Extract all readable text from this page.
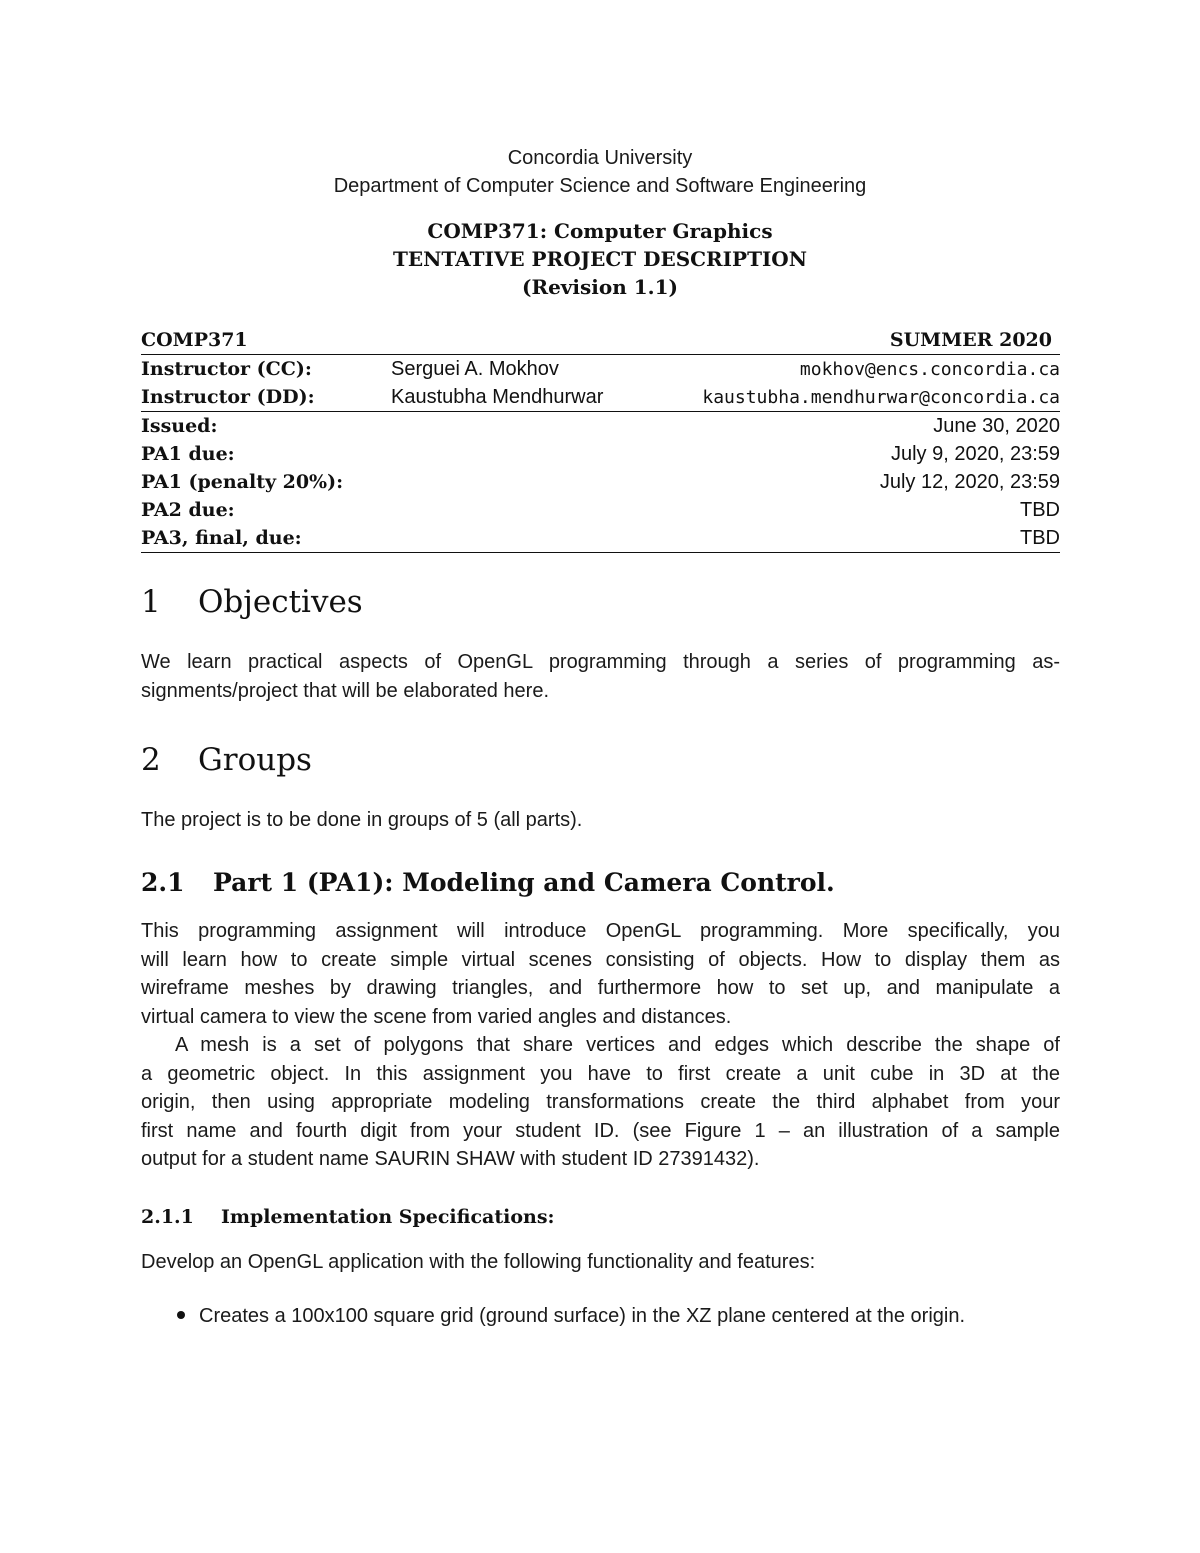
Concordia University
Department of Computer Science and Software Engineering
COMP371: Computer Graphics
TENTATIVE PROJECT DESCRIPTION
(Revision 1.1)
COMP371		SUMMER 2020
Instructor (CC):	Serguei A. Mokhov	mokhov@encs.concordia.ca
Instructor (DD):	Kaustubha Mendhurwar	kaustubha.mendhurwar@concordia.ca
Issued:		June 30, 2020
PA1 due:		July 9, 2020, 23:59
PA1 (penalty 20%):		July 12, 2020, 23:59
PA2 due:		TBD
PA3, final, due:		TBD
1 Objectives
We learn practical aspects of OpenGL programming through a series of programming as-
signments/project that will be elaborated here.
2 Groups
The project is to be done in groups of 5 (all parts).
2.1 Part 1 (PA1): Modeling and Camera Control.
This programming assignment will introduce OpenGL programming. More specifically, you
will learn how to create simple virtual scenes consisting of objects. How to display them as
wireframe meshes by drawing triangles, and furthermore how to set up, and manipulate a
virtual camera to view the scene from varied angles and distances.
A mesh is a set of polygons that share vertices and edges which describe the shape of
a geometric object. In this assignment you have to first create a unit cube in 3D at the
origin, then using appropriate modeling transformations create the third alphabet from your
first name and fourth digit from your student ID. (see Figure 1 – an illustration of a sample
output for a student name SAURIN SHAW with student ID 27391432).
2.1.1 Implementation Specifications:
Develop an OpenGL application with the following functionality and features:
Creates a 100x100 square grid (ground surface) in the XZ plane centered at the origin.
